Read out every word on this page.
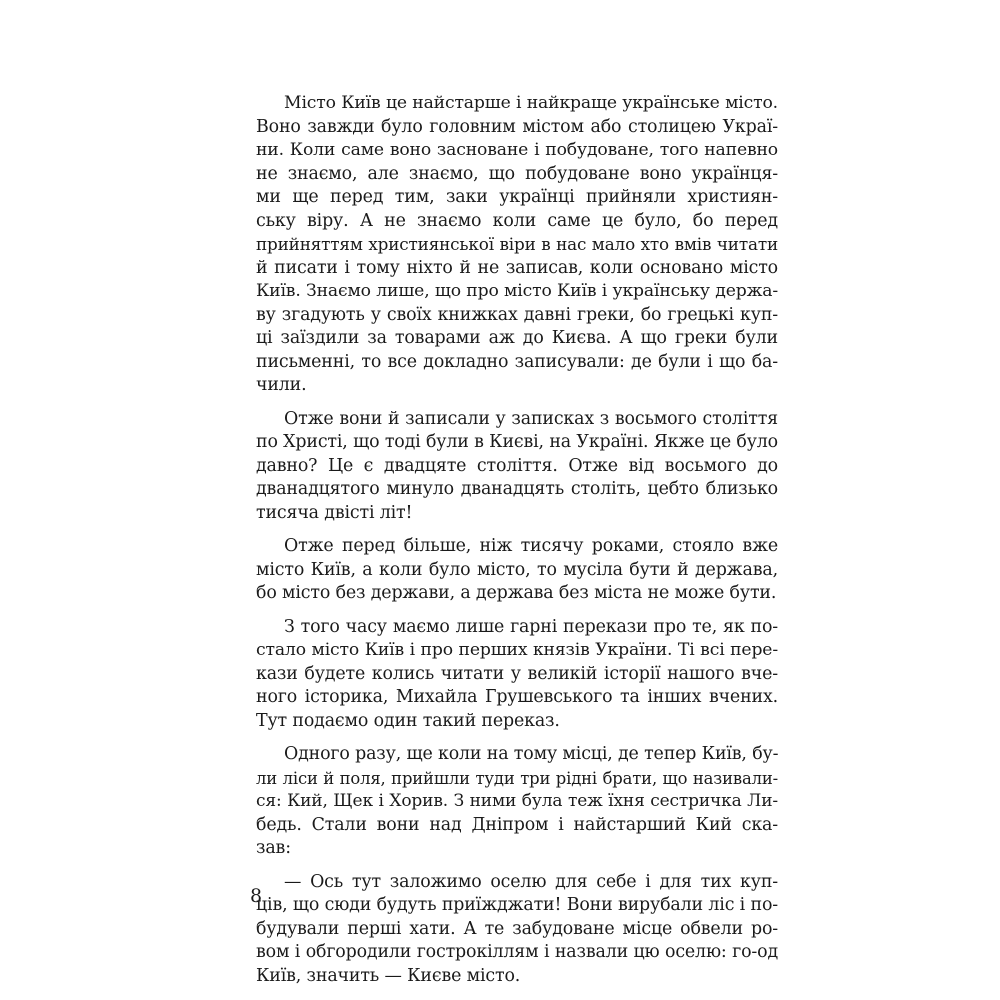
Місто Київ це найстарше і найкраще українське місто.
Воно завжди було головним містом або столицею Украї-
ни. Коли саме воно засноване і побудоване, того напевно
не знаємо, але знаємо, що побудоване воно українця-
ми ще перед тим, заки українці прийняли християн-
ську віру. А не знаємо коли саме це було, бо перед
прийняттям християнської віри в нас мало хто вмів читати
й писати і тому ніхто й не записав, коли основано місто
Київ. Знаємо лише, що про місто Київ і українську держа-
ву згадують у своїх книжках давні греки, бо грецькі куп-
ці заїздили за товарами аж до Києва. А що греки були
письменні, то все докладно записували: де були і що ба-
чили.
Отже вони й записали у записках з восьмого століття
по Христі, що тоді були в Києві, на Україні. Якже це було
давно? Це є двадцяте століття. Отже від восьмого до
дванадцятого минуло дванадцять століть, цебто близько
тисяча двісті літ!
Отже перед більше, ніж тисячу роками, стояло вже
місто Київ, а коли було місто, то мусіла бути й держава,
бо місто без держави, а держава без міста не може бути.
З того часу маємо лише гарні перекази про те, як по-
стало місто Київ і про перших князів України. Ті всі пере-
кази будете колись читати у великій історії нашого вче-
ного історика, Михайла Грушевського та інших вчених.
Тут подаємо один такий переказ.
Одного разу, ще коли на тому місці, де тепер Київ, бу-
ли ліси й поля, прийшли туди три рідні брати, що називали-
ся: Кий, Щек і Хорив. З ними була теж їхня сестричка Ли-
бедь. Стали вони над Дніпром і найстарший Кий ска-
зав:
— Ось тут заложимо оселю для себе і для тих куп-
ців, що сюди будуть приїжджати! Вони вирубали ліс і по-
будували перші хати. А те забудоване місце обвели ро-
вом і обгородили гострокіллям і назвали цю оселю: го-од
Київ, значить — Києве місто.
8
